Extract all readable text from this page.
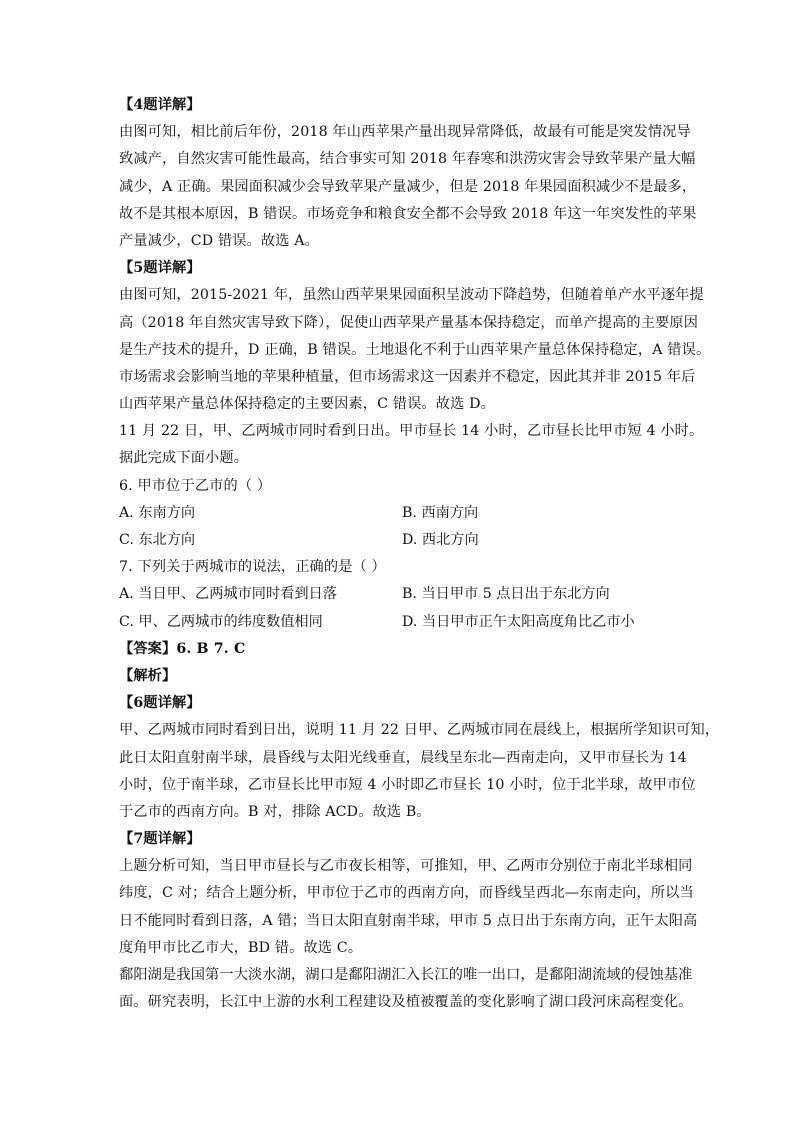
【4题详解】
由图可知，相比前后年份，2018 年山西苹果产量出现异常降低，故最有可能是突发情况导
致减产，自然灾害可能性最高，结合事实可知 2018 年春寒和洪涝灾害会导致苹果产量大幅
减少，A 正确。果园面积减少会导致苹果产量减少，但是 2018 年果园面积减少不是最多，
故不是其根本原因，B 错误。市场竞争和粮食安全都不会导致 2018 年这一年突发性的苹果
产量减少，CD 错误。故选 A。
【5题详解】
由图可知，2015-2021 年，虽然山西苹果果园面积呈波动下降趋势，但随着单产水平逐年提
高（2018 年自然灾害导致下降），促使山西苹果产量基本保持稳定，而单产提高的主要原因
是生产技术的提升，D 正确，B 错误。土地退化不利于山西苹果产量总体保持稳定，A 错误。
市场需求会影响当地的苹果种植量，但市场需求这一因素并不稳定，因此其并非 2015 年后
山西苹果产量总体保持稳定的主要因素，C 错误。故选 D。
11 月 22 日，甲、乙两城市同时看到日出。甲市昼长 14 小时，乙市昼长比甲市短 4 小时。
据此完成下面小题。
6. 甲市位于乙市的（ ）
A. 东南方向	B. 西南方向
C. 东北方向	D. 西北方向
7. 下列关于两城市的说法，正确的是（ ）
A. 当日甲、乙两城市同时看到日落	B. 当日甲市 5 点日出于东北方向
C. 甲、乙两城市的纬度数值相同	D. 当日甲市正午太阳高度角比乙市小
【答案】6. B 7. C
【解析】
【6题详解】
甲、乙两城市同时看到日出，说明 11 月 22 日甲、乙两城市同在晨线上，根据所学知识可知，
此日太阳直射南半球，晨昏线与太阳光线垂直，晨线呈东北—西南走向，又甲市昼长为 14
小时，位于南半球，乙市昼长比甲市短 4 小时即乙市昼长 10 小时，位于北半球，故甲市位
于乙市的西南方向。B 对，排除 ACD。故选 B。
【7题详解】
上题分析可知，当日甲市昼长与乙市夜长相等，可推知，甲、乙两市分别位于南北半球相同
纬度，C 对；结合上题分析，甲市位于乙市的西南方向，而昏线呈西北—东南走向，所以当
日不能同时看到日落，A 错；当日太阳直射南半球，甲市 5 点日出于东南方向，正午太阳高
度角甲市比乙市大，BD 错。故选 C。
鄱阳湖是我国第一大淡水湖，湖口是鄱阳湖汇入长江的唯一出口，是鄱阳湖流域的侵蚀基准
面。研究表明，长江中上游的水利工程建设及植被覆盖的变化影响了湖口段河床高程变化。
